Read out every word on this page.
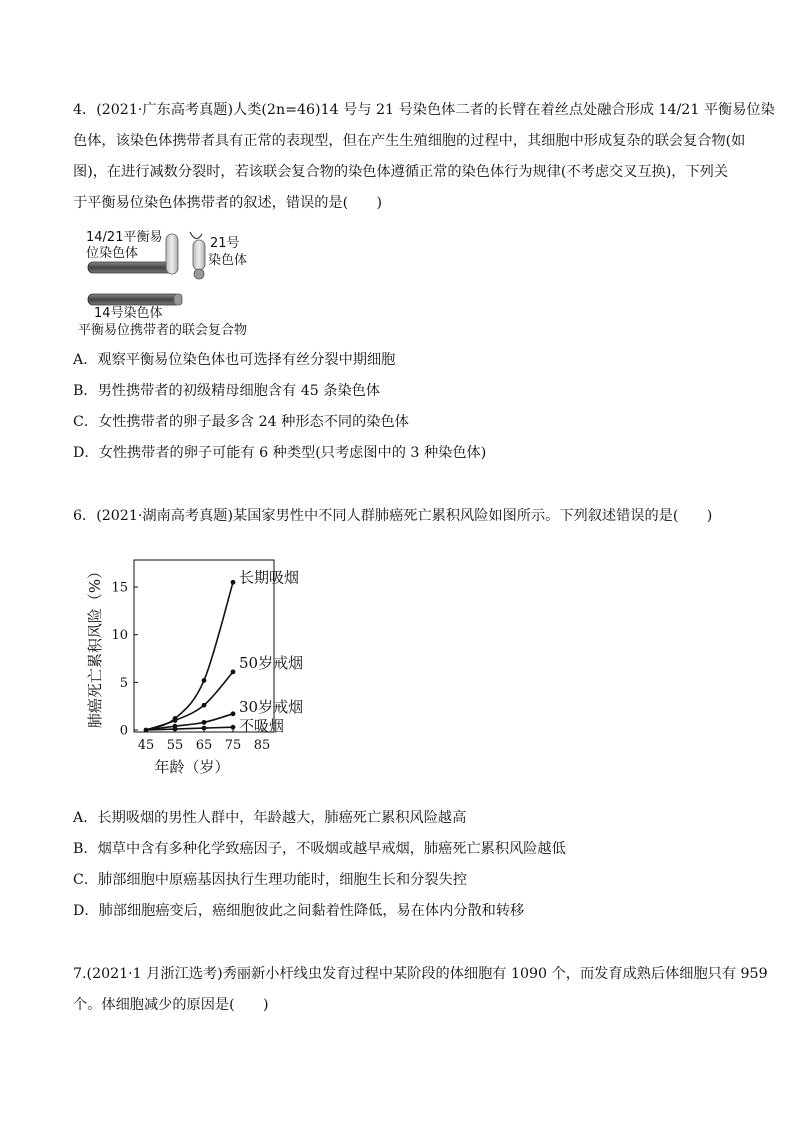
4．(2021·广东高考真题)人类(2n=46)14 号与 21 号染色体二者的长臂在着丝点处融合形成 14/21 平衡易位染
色体，该染色体携带者具有正常的表现型，但在产生生殖细胞的过程中，其细胞中形成复杂的联会复合物(如
图)，在进行减数分裂时，若该联会复合物的染色体遵循正常的染色体行为规律(不考虑交叉互换)，下列关
于平衡易位染色体携带者的叙述，错误的是(　　)
14/21平衡易
位染色体
21号
染色体
14号染色体
平衡易位携带者的联会复合物
A．观察平衡易位染色体也可选择有丝分裂中期细胞
B．男性携带者的初级精母细胞含有 45 条染色体
C．女性携带者的卵子最多含 24 种形态不同的染色体
D．女性携带者的卵子可能有 6 种类型(只考虑图中的 3 种染色体)
6．(2021·湖南高考真题)某国家男性中不同人群肺癌死亡累积风险如图所示。下列叙述错误的是(　　)
0
5
10
15
45 55 65 75 85
年龄（岁）
肺癌死亡累积风险（%）	长期吸烟
50岁戒烟
30岁戒烟
不吸烟
A．长期吸烟的男性人群中，年龄越大，肺癌死亡累积风险越高
B．烟草中含有多种化学致癌因子，不吸烟或越早戒烟，肺癌死亡累积风险越低
C．肺部细胞中原癌基因执行生理功能时，细胞生长和分裂失控
D．肺部细胞癌变后，癌细胞彼此之间黏着性降低，易在体内分散和转移
7.(2021·1 月浙江选考)秀丽新小杆线虫发育过程中某阶段的体细胞有 1090 个，而发育成熟后体细胞只有 959
个。体细胞减少的原因是(　　)
